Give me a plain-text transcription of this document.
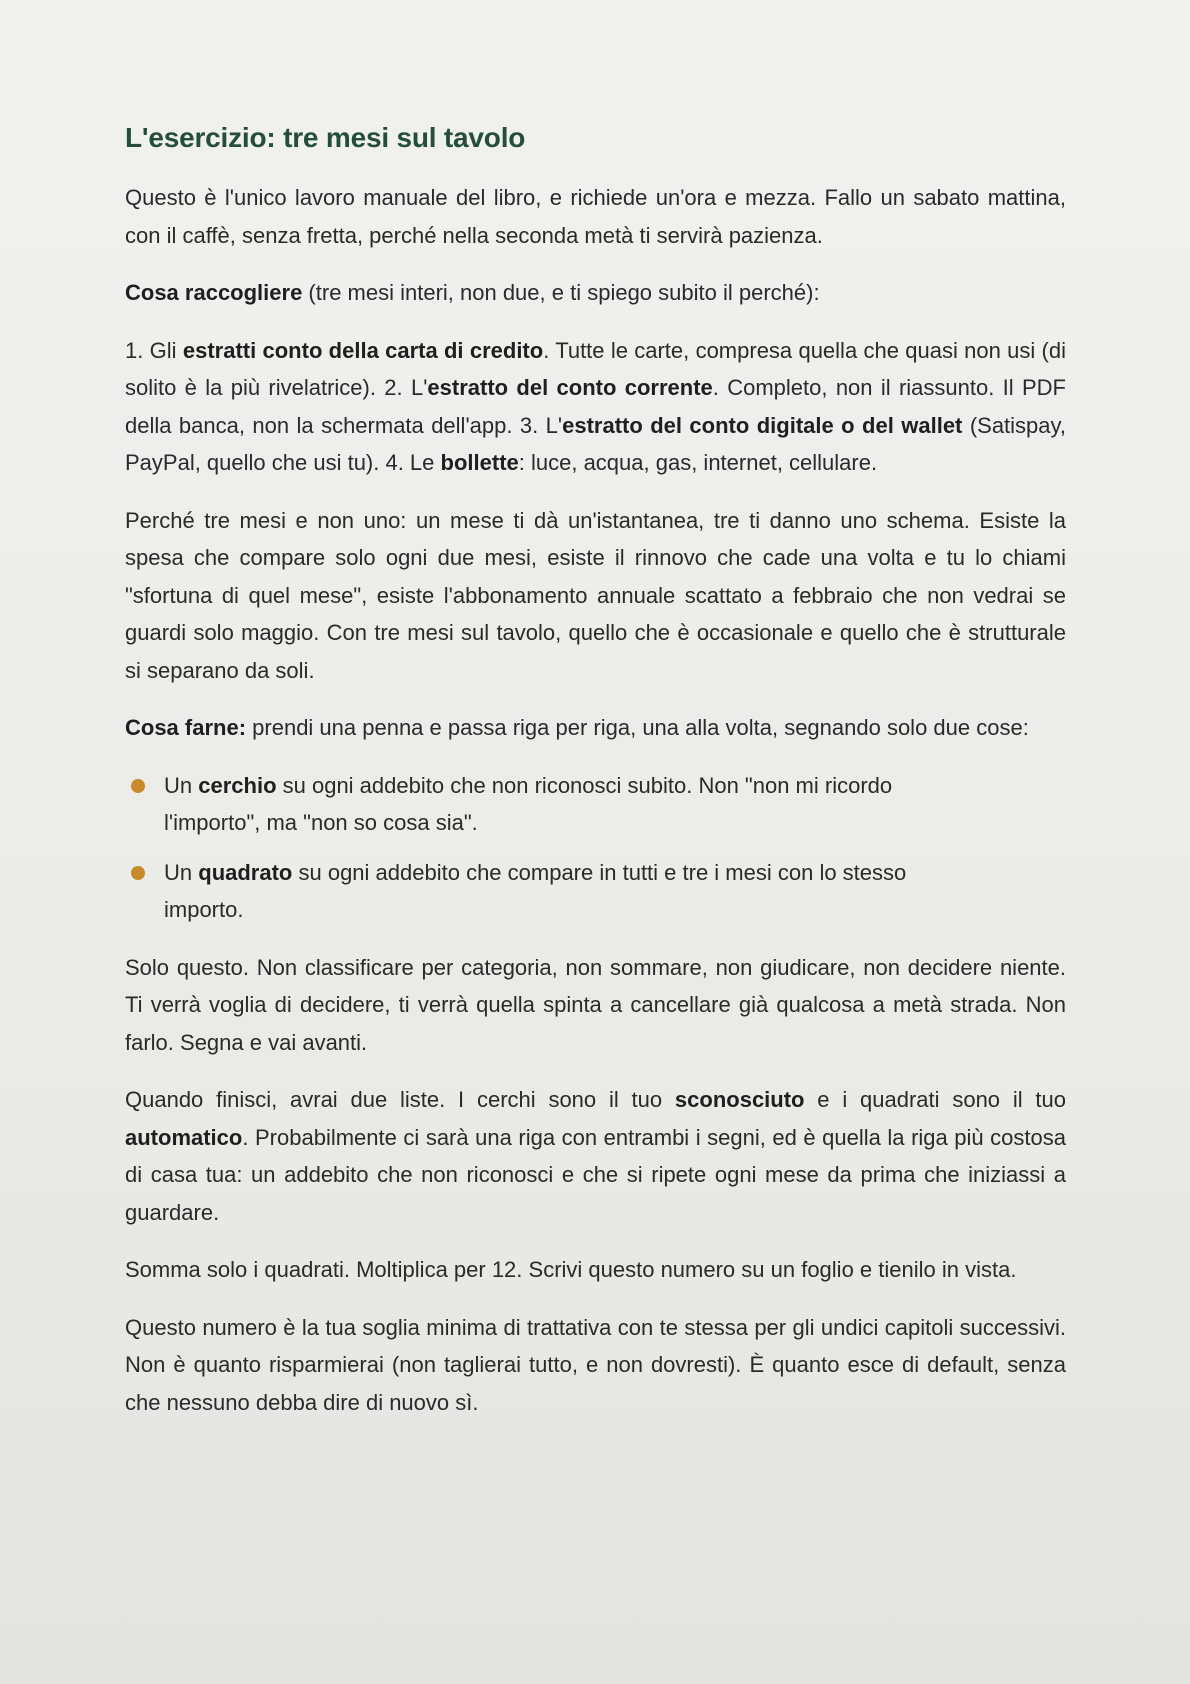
L'esercizio: tre mesi sul tavolo

Questo è l'unico lavoro manuale del libro, e richiede un'ora e mezza. Fallo un sabato mattina, con il caffè, senza fretta, perché nella seconda metà ti servirà pazienza.

Cosa raccogliere (tre mesi interi, non due, e ti spiego subito il perché):

1. Gli estratti conto della carta di credito. Tutte le carte, compresa quella che quasi non usi (di solito è la più rivelatrice). 2. L'estratto del conto corrente. Completo, non il riassunto. Il PDF della banca, non la schermata dell'app. 3. L'estratto del conto digitale o del wallet (Satispay, PayPal, quello che usi tu). 4. Le bollette: luce, acqua, gas, internet, cellulare.

Perché tre mesi e non uno: un mese ti dà un'istantanea, tre ti danno uno schema. Esiste la spesa che compare solo ogni due mesi, esiste il rinnovo che cade una volta e tu lo chiami "sfortuna di quel mese", esiste l'abbonamento annuale scattato a febbraio che non vedrai se guardi solo maggio. Con tre mesi sul tavolo, quello che è occasionale e quello che è strutturale si separano da soli.

Cosa farne: prendi una penna e passa riga per riga, una alla volta, segnando solo due cose:

Un cerchio su ogni addebito che non riconosci subito. Non "non mi ricordo l'importo", ma "non so cosa sia".
Un quadrato su ogni addebito che compare in tutti e tre i mesi con lo stesso importo.

Solo questo. Non classificare per categoria, non sommare, non giudicare, non decidere niente. Ti verrà voglia di decidere, ti verrà quella spinta a cancellare già qualcosa a metà strada. Non farlo. Segna e vai avanti.

Quando finisci, avrai due liste. I cerchi sono il tuo sconosciuto e i quadrati sono il tuo automatico. Probabilmente ci sarà una riga con entrambi i segni, ed è quella la riga più costosa di casa tua: un addebito che non riconosci e che si ripete ogni mese da prima che iniziassi a guardare.

Somma solo i quadrati. Moltiplica per 12. Scrivi questo numero su un foglio e tienilo in vista.

Questo numero è la tua soglia minima di trattativa con te stessa per gli undici capitoli successivi. Non è quanto risparmierai (non taglierai tutto, e non dovresti). È quanto esce di default, senza che nessuno debba dire di nuovo sì.
